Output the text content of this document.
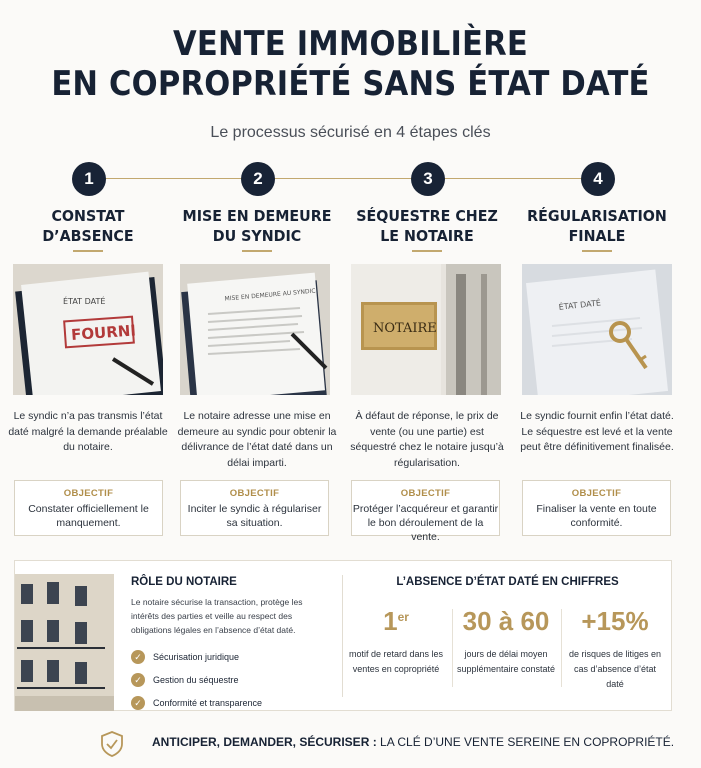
VENTE IMMOBILIÈRE
EN COPROPRIÉTÉ SANS ÉTAT DATÉ
Le processus sécurisé en 4 étapes clés
1
CONSTAT D’ABSENCE
ÉTAT DATÉ
FOURNI
Le syndic n’a pas transmis l’état daté malgré la demande préalable du notaire.
OBJECTIF
Constater officiellement le manquement.
2
MISE EN DEMEURE DU SYNDIC
MISE EN DEMEURE AU SYNDIC
Le notaire adresse une mise en demeure au syndic pour obtenir la délivrance de l’état daté dans un délai imparti.
OBJECTIF
Inciter le syndic à régulariser sa situation.
3
SÉQUESTRE CHEZ LE NOTAIRE
NOTAIRE
À défaut de réponse, le prix de vente (ou une partie) est séquestré chez le notaire jusqu’à régularisation.
OBJECTIF
Protéger l’acquéreur et garantir le bon déroulement de la vente.
4
RÉGULARISATION FINALE
ÉTAT DATÉ
Le syndic fournit enfin l’état daté. Le séquestre est levé et la vente peut être définitivement finalisée.
OBJECTIF
Finaliser la vente en toute conformité.
RÔLE DU NOTAIRE
Le notaire sécurise la transaction, protège les intérêts des parties et veille au respect des obligations légales en l’absence d’état daté.
✓	Sécurisation juridique
✓	Gestion du séquestre
✓	Conformité et transparence
L’ABSENCE D’ÉTAT DATÉ EN CHIFFRES
1er
motif de retard dans les ventes en copropriété
30 à 60
jours de délai moyen supplémentaire constaté
+15%
de risques de litiges en cas d’absence d’état daté
ANTICIPER, DEMANDER, SÉCURISER : LA CLÉ D’UNE VENTE SEREINE EN COPROPRIÉTÉ.
